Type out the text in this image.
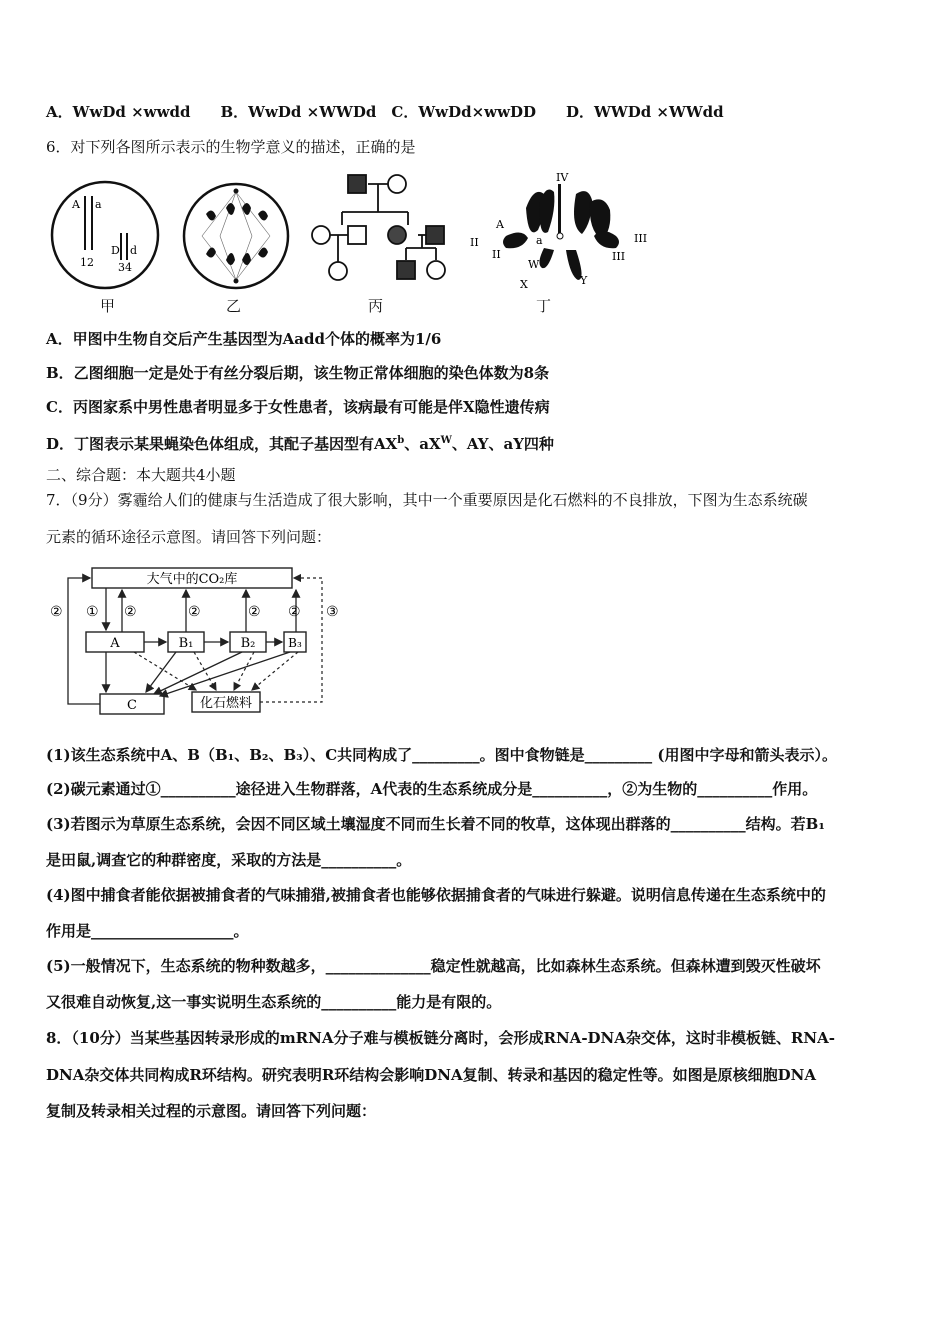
A．WwDd ×wwdd　　B．WwDd ×WWDd　C．WwDd×wwDD　　D．WWDd ×WWdd
6．对下列各图所示表示的生物学意义的描述，正确的是
A a
D d
12 34
甲	乙	丙
IV
II
II
III
III
A
a
W
X	Y
丁
A．甲图中生物自交后产生基因型为Aadd个体的概率为1/6
B．乙图细胞一定是处于有丝分裂后期，该生物正常体细胞的染色体数为8条
C．丙图家系中男性患者明显多于女性患者，该病最有可能是伴X隐性遗传病
D．丁图表示某果蝇染色体组成，其配子基因型有$AX^b$、$aX^W$、AY、aY四种
二、综合题：本大题共4小题
7．（9分）雾霾给人们的健康与生活造成了很大影响，其中一个重要原因是化石燃料的不良排放，下图为生态系统碳
元素的循环途径示意图。请回答下列问题：
大气中的CO₂库
A	B₁	B₂	B₃
C	化石燃料
② ① ②	②	② ② ③
(1)该生态系统中A、B（B₁、B₂、B₃）、C共同构成了_________。图中食物链是_________ (用图中字母和箭头表示）。
(2)碳元素通过①__________途径进入生物群落，A代表的生态系统成分是__________，②为生物的__________作用。
(3)若图示为草原生态系统，会因不同区域土壤湿度不同而生长着不同的牧草，这体现出群落的__________结构。若B₁
是田鼠,调查它的种群密度，采取的方法是__________。
(4)图中捕食者能依据被捕食者的气味捕猎,被捕食者也能够依据捕食者的气味进行躲避。说明信息传递在生态系统中的
作用是___________________。
(5)一般情况下，生态系统的物种数越多，______________稳定性就越高，比如森林生态系统。但森林遭到毁灭性破坏
又很难自动恢复,这一事实说明生态系统的__________能力是有限的。
8．（10分）当某些基因转录形成的mRNA分子难与模板链分离时，会形成RNA-DNA杂交体，这时非模板链、RNA-
DNA杂交体共同构成R环结构。研究表明R环结构会影响DNA复制、转录和基因的稳定性等。如图是原核细胞DNA
复制及转录相关过程的示意图。请回答下列问题：
